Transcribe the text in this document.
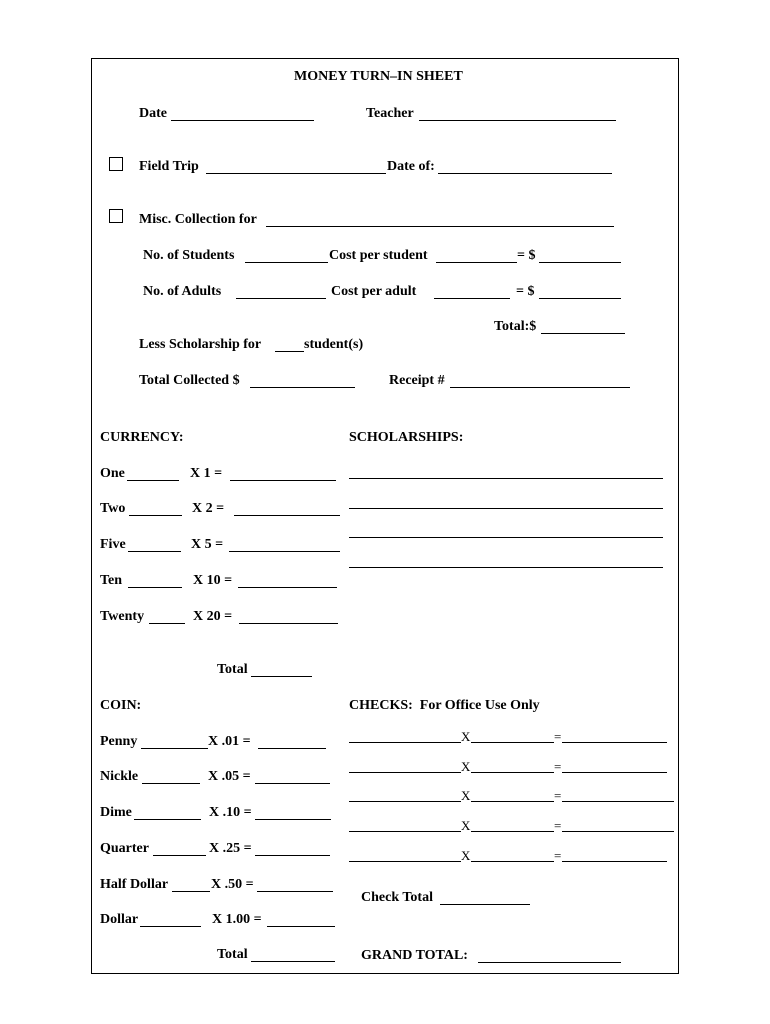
MONEY TURN–IN SHEET
Date	Teacher
Field Trip	Date of:
Misc. Collection for
No. of Students	Cost per student	= $
No. of Adults	Cost per adult	= $
Total:$
Less Scholarship for	student(s)
Total Collected $	Receipt #
CURRENCY:	SCHOLARSHIPS:
One	X 1 =
Two	X 2 =
Five	X 5 =
Ten	X 10 =
Twenty	X 20 =
Total
COIN:	CHECKS:  For Office Use Only
Penny	X .01 =
Nickle	X .05 =
Dime	X .10 =
Quarter	X .25 =
Half Dollar	X .50 =
Dollar	X 1.00 =
Total
X	=
X	=
X	=
X	=
X	=
Check Total
GRAND TOTAL:
